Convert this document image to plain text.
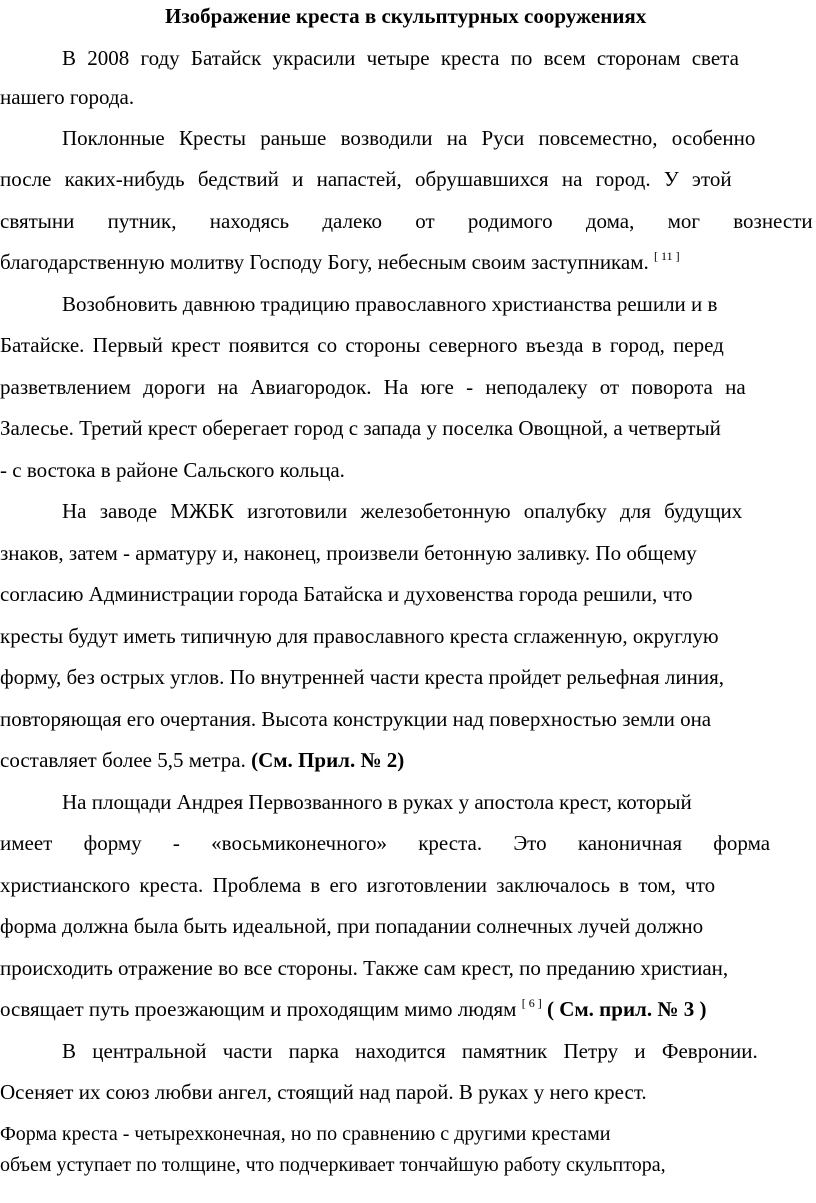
Изображение креста в скульптурных сооружениях
В 2008 году Батайск украсили четыре креста по всем сторонам света
нашего города.
Поклонные Кресты раньше возводили на Руси повсеместно, особенно
после каких-нибудь бедствий и напастей, обрушавшихся на город. У этой
святыни путник, находясь далеко от родимого дома, мог вознести
благодарственную молитву Господу Богу, небесным своим заступникам. [ 11 ]
Возобновить давнюю традицию православного христианства решили и в
Батайске. Первый крест появится со стороны северного въезда в город, перед
разветвлением дороги на Авиагородок. На юге - неподалеку от поворота на
Залесье. Третий крест оберегает город с запада у поселка Овощной, а четвертый
- с востока в районе Сальского кольца.
На заводе МЖБК изготовили железобетонную опалубку для будущих
знаков, затем - арматуру и, наконец, произвели бетонную заливку. По общему
согласию Администрации города Батайска и духовенства города решили, что
кресты будут иметь типичную для православного креста сглаженную, округлую
форму, без острых углов. По внутренней части креста пройдет рельефная линия,
повторяющая его очертания. Высота конструкции над поверхностью земли она
составляет более 5,5 метра. (См. Прил. № 2)
На площади Андрея Первозванного в руках у апостола крест, который
имеет форму - «восьмиконечного» креста. Это каноничная форма
христианского креста. Проблема в его изготовлении заключалось в том, что
форма должна была быть идеальной, при попадании солнечных лучей должно
происходить отражение во все стороны. Также сам крест, по преданию христиан,
освящает путь проезжающим и проходящим мимо людям [ 6 ] ( См. прил. № 3 )
В центральной части парка находится памятник Петру и Февронии.
Осеняет их союз любви ангел, стоящий над парой. В руках у него крест.
Форма креста - четырехконечная, но по сравнению с другими крестами
объем уступает по толщине, что подчеркивает тончайшую работу скульптора,
